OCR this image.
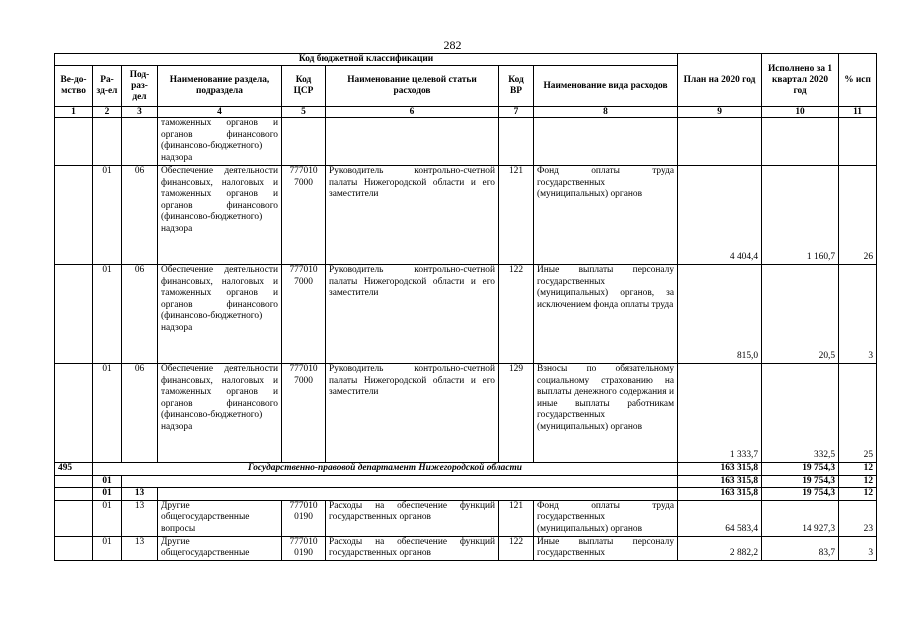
282
Код бюджетной классификации								План на 2020 год	Исполнено за 1 квартал 2020 год	% исп
Ве-до-мство	Ра-зд-ел	Под-раз-дел	Наименование раздела, подраздела	Код ЦСР	Наименование целевой статьи расходов	Код ВР	Наименование вида расходов			
1	2	3	4	5	6	7	8	9	10	11
			таможенных органов и органов финансового (финансово-бюджетного) надзора							
	01	06	Обеспечение деятельности финансовых, налоговых и таможенных органов и органов финансового (финансово-бюджетного) надзора	777010 7000	Руководитель контрольно-счетной палаты Нижегородской области и его заместители	121	Фонд оплаты труда государственных (муниципальных) органов	4 404,4	1 160,7	26
	01	06	Обеспечение деятельности финансовых, налоговых и таможенных органов и органов финансового (финансово-бюджетного) надзора	777010 7000	Руководитель контрольно-счетной палаты Нижегородской области и его заместители	122	Иные выплаты персоналу государственных (муниципальных) органов, за исключением фонда оплаты труда	815,0	20,5	3
	01	06	Обеспечение деятельности финансовых, налоговых и таможенных органов и органов финансового (финансово-бюджетного) надзора	777010 7000	Руководитель контрольно-счетной палаты Нижегородской области и его заместители	129	Взносы по обязательному социальному страхованию на выплаты денежного содержания и иные выплаты работникам государственных (муниципальных) органов	1 333,7	332,5	25
495	Государственно-правовой департамент Нижегородской области							163 315,8	19 754,3	12
	01							163 315,8	19 754,3	12
	01	13						163 315,8	19 754,3	12
	01	13	Другие общегосударственные вопросы	777010 0190	Расходы на обеспечение функций государственных органов	121	Фонд оплаты труда государственных (муниципальных) органов	64 583,4	14 927,3	23
	01	13	Другие общегосударственные	777010 0190	Расходы на обеспечение функций государственных органов	122	Иные выплаты персоналу государственных	2 882,2	83,7	3
